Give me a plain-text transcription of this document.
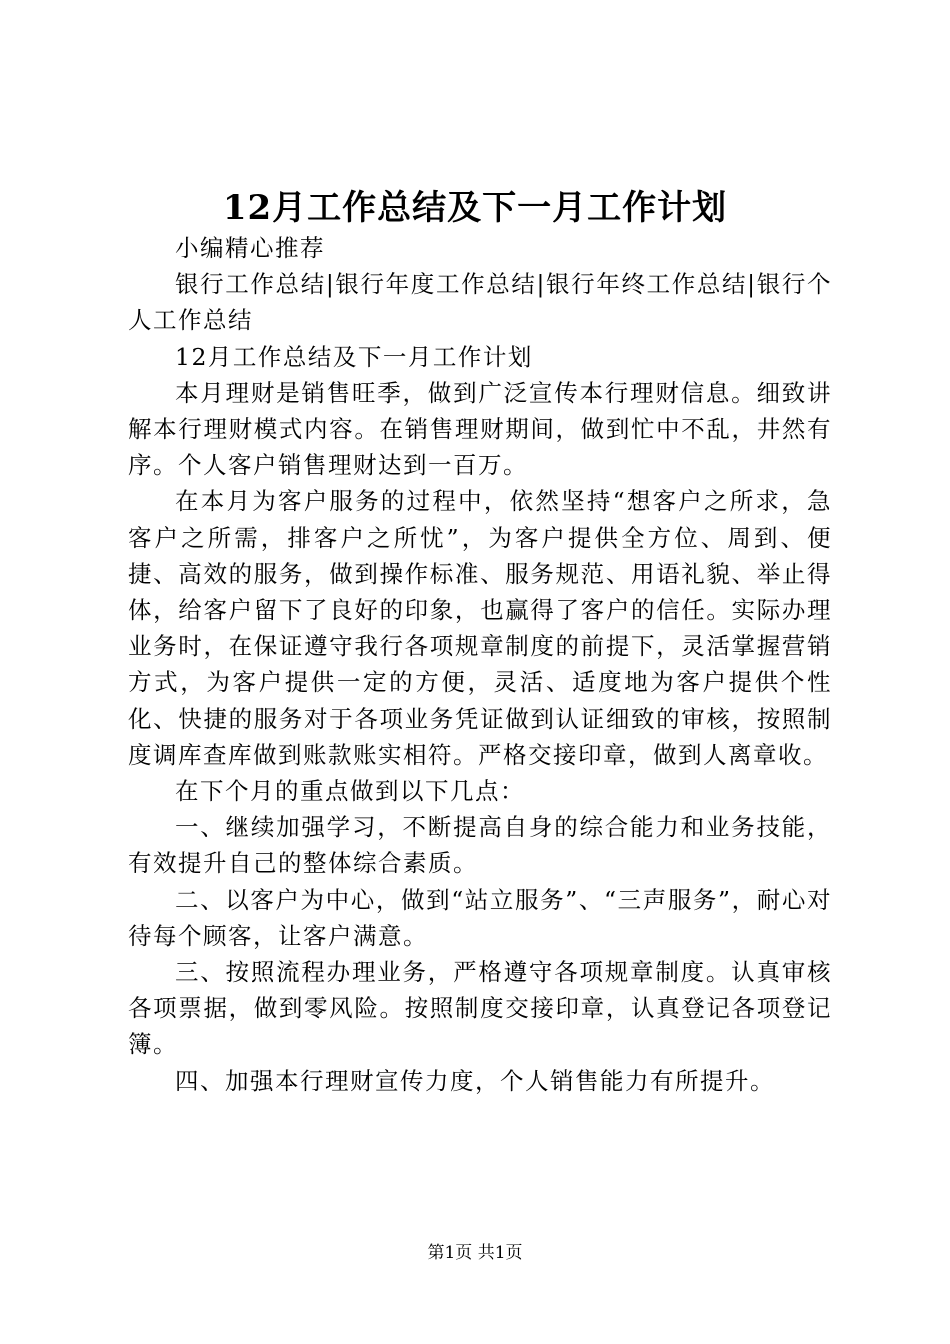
12月工作总结及下一月工作计划

小编精心推荐

银行工作总结|银行年度工作总结|银行年终工作总结|银行个人工作总结

12月工作总结及下一月工作计划

本月理财是销售旺季，做到广泛宣传本行理财信息。细致讲解本行理财模式内容。在销售理财期间，做到忙中不乱，井然有序。个人客户销售理财达到一百万。

在本月为客户服务的过程中，依然坚持“想客户之所求，急客户之所需，排客户之所忧”，为客户提供全方位、周到、便捷、高效的服务，做到操作标准、服务规范、用语礼貌、举止得体，给客户留下了良好的印象，也赢得了客户的信任。实际办理业务时，在保证遵守我行各项规章制度的前提下，灵活掌握营销方式，为客户提供一定的方便，灵活、适度地为客户提供个性化、快捷的服务对于各项业务凭证做到认证细致的审核，按照制度调库查库做到账款账实相符。严格交接印章，做到人离章收。

在下个月的重点做到以下几点：

一、继续加强学习，不断提高自身的综合能力和业务技能，有效提升自己的整体综合素质。

二、以客户为中心，做到“站立服务”、“三声服务”，耐心对待每个顾客，让客户满意。

三、按照流程办理业务，严格遵守各项规章制度。认真审核各项票据，做到零风险。按照制度交接印章，认真登记各项登记簿。

四、加强本行理财宣传力度，个人销售能力有所提升。

第1页 共1页
